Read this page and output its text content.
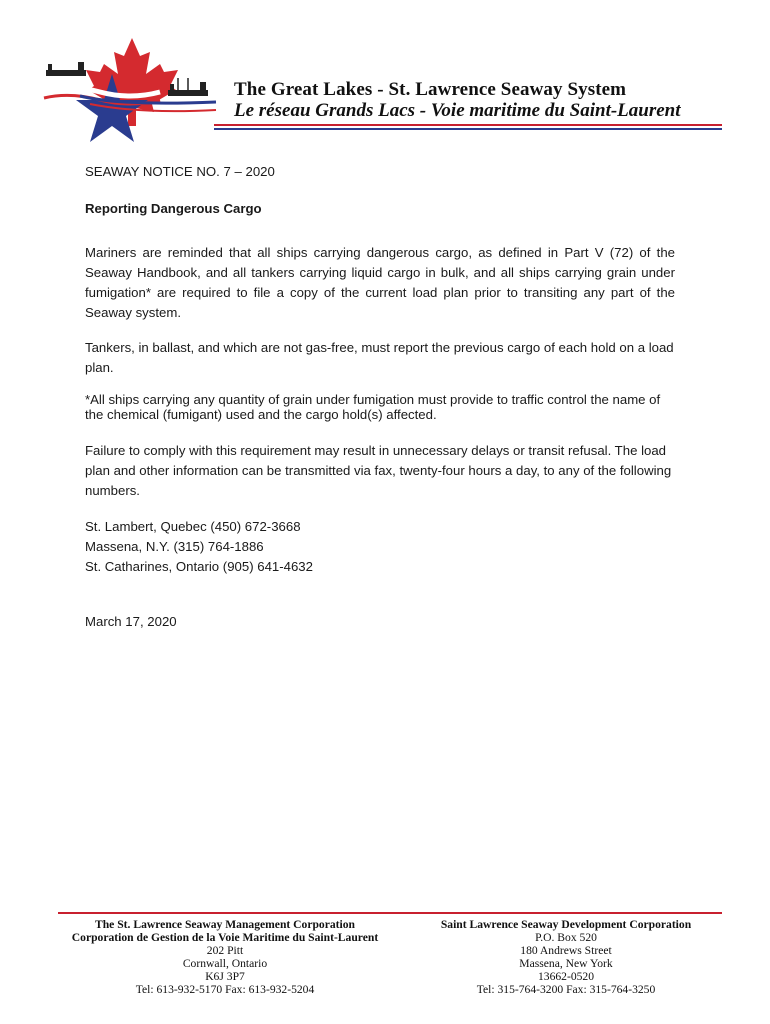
The Great Lakes - St. Lawrence Seaway System
Le réseau Grands Lacs - Voie maritime du Saint-Laurent
SEAWAY NOTICE NO. 7 – 2020
Reporting Dangerous Cargo
Mariners are reminded that all ships carrying dangerous cargo, as defined in Part V (72) of the Seaway Handbook, and all tankers carrying liquid cargo in bulk, and all ships carrying grain under fumigation* are required to file a copy of the current load plan prior to transiting any part of the Seaway system.
Tankers, in ballast, and which are not gas-free, must report the previous cargo of each hold on a load plan.
*All ships carrying any quantity of grain under fumigation must provide to traffic control the name of the chemical (fumigant) used and the cargo hold(s) affected.
Failure to comply with this requirement may result in unnecessary delays or transit refusal. The load plan and other information can be transmitted via fax, twenty-four hours a day, to any of the following numbers.
St. Lambert, Quebec (450) 672-3668
Massena, N.Y. (315) 764-1886
St. Catharines, Ontario (905) 641-4632
March 17, 2020
The St. Lawrence Seaway Management Corporation
Corporation de Gestion de la Voie Maritime du Saint-Laurent
202 Pitt
Cornwall, Ontario
K6J 3P7
Tel: 613-932-5170 Fax: 613-932-5204
Saint Lawrence Seaway Development Corporation
P.O. Box 520
180 Andrews Street
Massena, New York
13662-0520
Tel: 315-764-3200 Fax: 315-764-3250
